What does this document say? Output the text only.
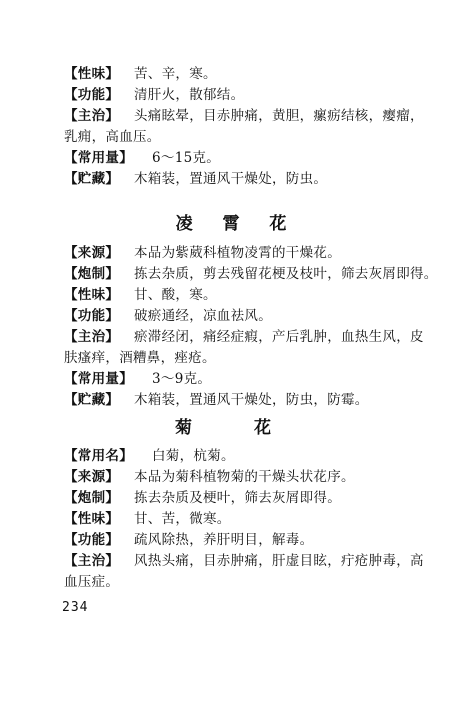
【性味】 苦、辛，寒。
【功能】 清肝火，散郁结。
【主治】 头痛眩晕，目赤肿痛，黄胆，瘰疬结核，瘿瘤，
乳痈，高血压。
【常用量】 6～15克。
【贮藏】 木箱装，置通风干燥处，防虫。
凌 霄 花
【来源】 本品为紫葳科植物凌霄的干燥花。
【炮制】 拣去杂质，剪去残留花梗及枝叶，筛去灰屑即得。
【性味】 甘、酸，寒。
【功能】 破瘀通经，凉血祛风。
【主治】 瘀滞经闭，痛经症瘕，产后乳肿，血热生风，皮
肤瘙痒，酒糟鼻，痤疮。
【常用量】 3～9克。
【贮藏】 木箱装，置通风干燥处，防虫，防霉。
菊 花
【常用名】 白菊，杭菊。
【来源】 本品为菊科植物菊的干燥头状花序。
【炮制】 拣去杂质及梗叶，筛去灰屑即得。
【性味】 甘、苦，微寒。
【功能】 疏风除热，养肝明目，解毒。
【主治】 风热头痛，目赤肿痛，肝虚目眩，疔疮肿毒，高
血压症。
234
